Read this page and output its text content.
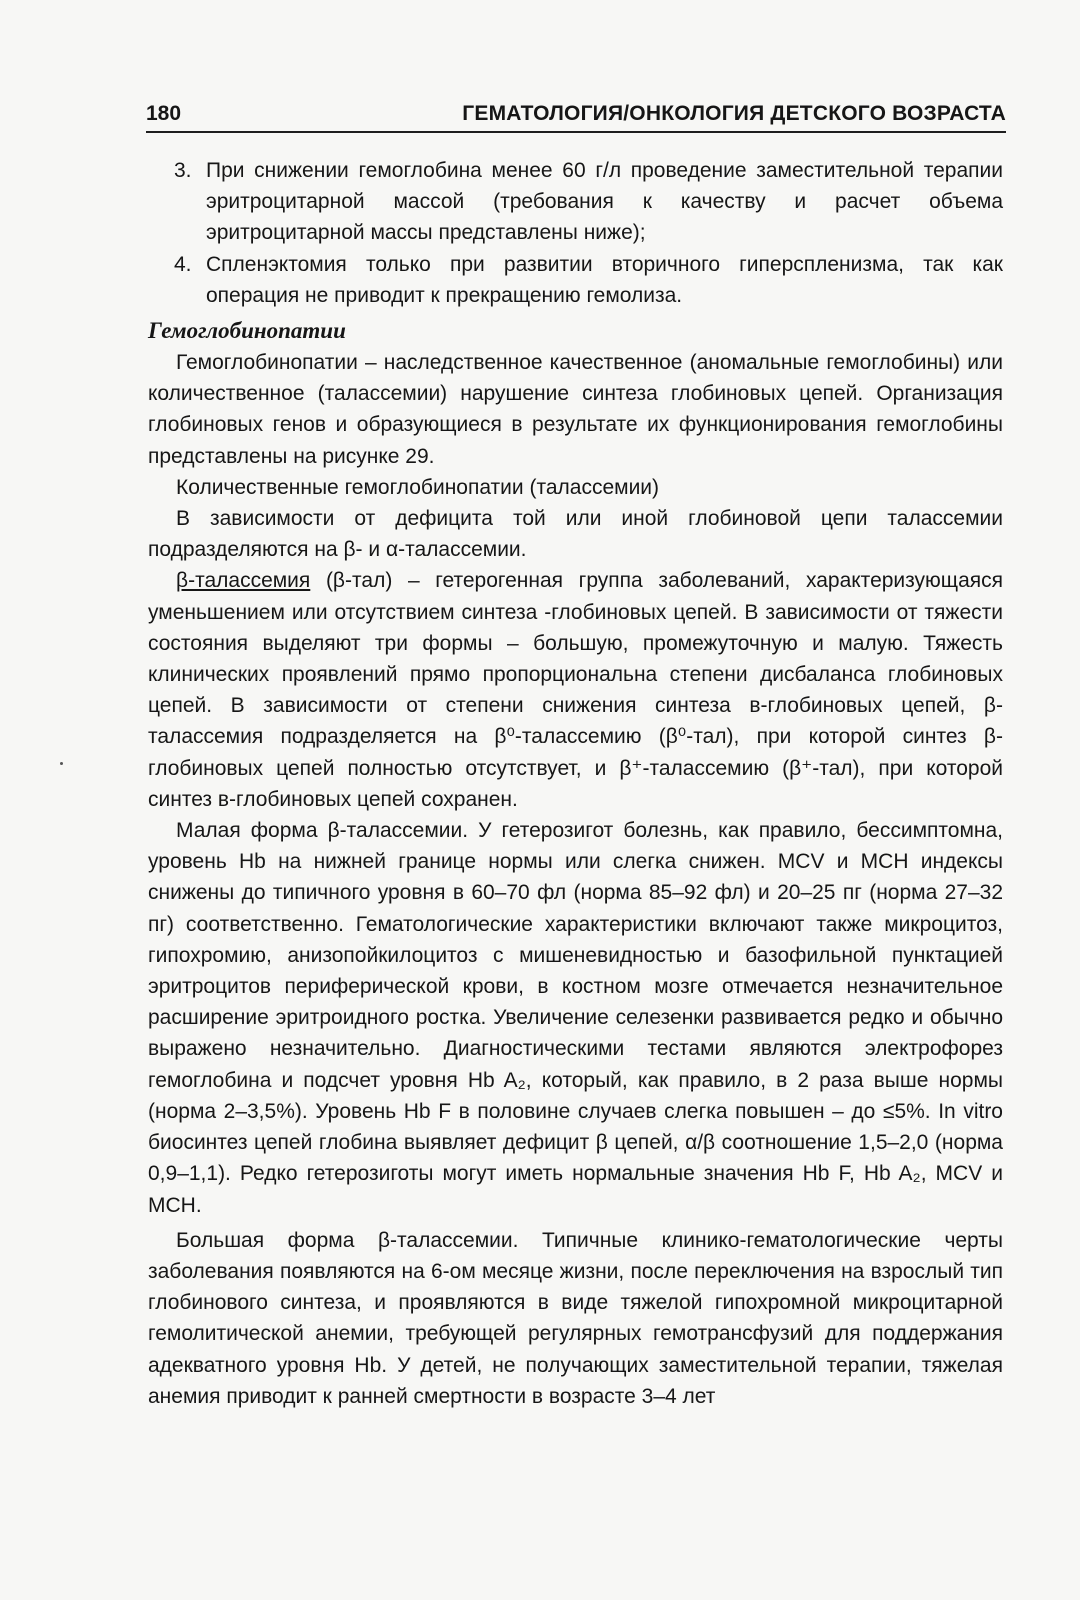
180	ГЕМАТОЛОГИЯ/ОНКОЛОГИЯ ДЕТСКОГО ВОЗРАСТА
3. При снижении гемоглобина менее 60 г/л проведение заместительной терапии эритроцитарной массой (требования к качеству и расчет объема эритроцитарной массы представлены ниже);
4. Спленэктомия только при развитии вторичного гиперспленизма, так как операция не приводит к прекращению гемолиза.
Гемоглобинопатии

Гемоглобинопатии – наследственное качественное (аномальные гемоглобины) или количественное (талассемии) нарушение синтеза глобиновых цепей. Организация глобиновых генов и образующиеся в результате их функционирования гемоглобины представлены на рисунке 29.

Количественные гемоглобинопатии (талассемии)

В зависимости от дефицита той или иной глобиновой цепи талассемии подразделяются на β- и α-талассемии.

β-талассемия (β-тал) – гетерогенная группа заболеваний, характеризующаяся уменьшением или отсутствием синтеза -глобиновых цепей. В зависимости от тяжести состояния выделяют три формы – большую, промежуточную и малую. Тяжесть клинических проявлений прямо пропорциональна степени дисбаланса глобиновых цепей. В зависимости от степени снижения синтеза в-глобиновых цепей, β-талассемия подразделяется на β⁰-талассемию (β⁰-тал), при которой синтез β-глобиновых цепей полностью отсутствует, и β⁺-талассемию (β⁺-тал), при которой синтез в-глобиновых цепей сохранен.

Малая форма β-талассемии. У гетерозигот болезнь, как правило, бессимптомна, уровень Hb на нижней границе нормы или слегка снижен. MCV и MCH индексы снижены до типичного уровня в 60–70 фл (норма 85–92 фл) и 20–25 пг (норма 27–32 пг) соответственно. Гематологические характеристики включают также микроцитоз, гипохромию, анизопойкилоцитоз с мишеневидностью и базофильной пунктацией эритроцитов периферической крови, в костном мозге отмечается незначительное расширение эритроидного ростка. Увеличение селезенки развивается редко и обычно выражено незначительно. Диагностическими тестами являются электрофорез гемоглобина и подсчет уровня Hb A₂, который, как правило, в 2 раза выше нормы (норма 2–3,5%). Уровень Hb F в половине случаев слегка повышен – до ≤5%. In vitro биосинтез цепей глобина выявляет дефицит β цепей, α/β соотношение 1,5–2,0 (норма 0,9–1,1). Редко гетерозиготы могут иметь нормальные значения Hb F, Hb A₂, MCV и MCH.

Большая форма β-талассемии. Типичные клинико-гематологические черты заболевания появляются на 6-ом месяце жизни, после переключения на взрослый тип глобинового синтеза, и проявляются в виде тяжелой гипохромной микроцитарной гемолитической анемии, требующей регулярных гемотрансфузий для поддержания адекватного уровня Hb. У детей, не получающих заместительной терапии, тяжелая анемия приводит к ранней смертности в возрасте 3–4 лет
